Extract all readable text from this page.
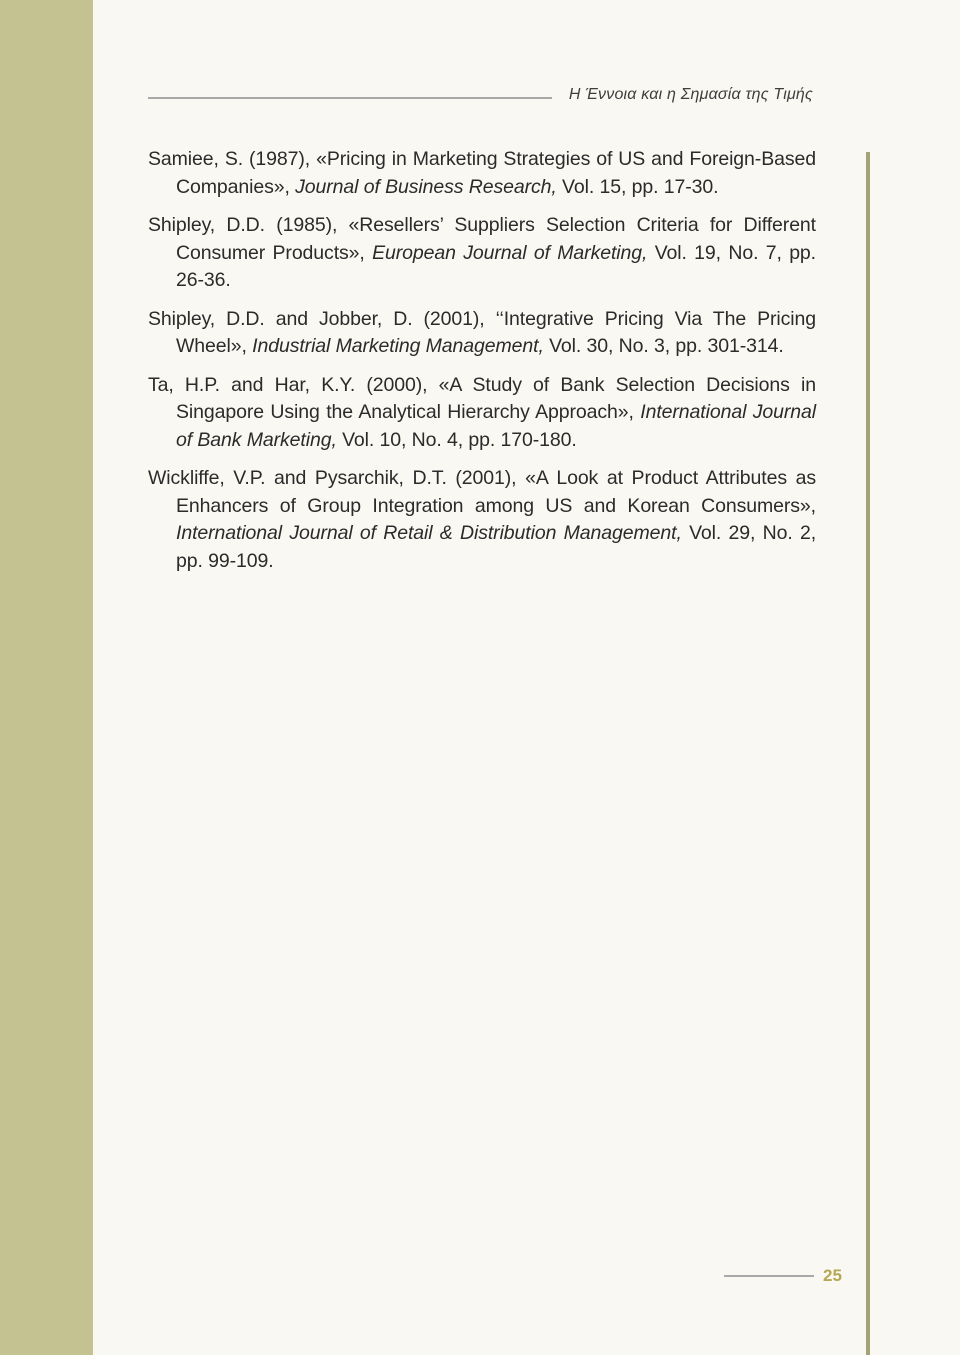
Η Έννοια και η Σημασία της Τιμής

Samiee, S. (1987), «Pricing in Marketing Strategies of US and Foreign-Based Companies», Journal of Business Research, Vol. 15, pp. 17-30.

Shipley, D.D. (1985), «Resellers’ Suppliers Selection Criteria for Different Consumer Products», European Journal of Marketing, Vol. 19, No. 7, pp. 26-36.

Shipley, D.D. and Jobber, D. (2001), ‘‘Integrative Pricing Via The Pricing Wheel», Industrial Marketing Management, Vol. 30, No. 3, pp. 301-314.

Ta, H.P. and Har, K.Y. (2000), «A Study of Bank Selection Decisions in Singapore Using the Analytical Hierarchy Approach», International Journal of Bank Marketing, Vol. 10, No. 4, pp. 170-180.

Wickliffe, V.P. and Pysarchik, D.T. (2001), «A Look at Product Attributes as Enhancers of Group Integration among US and Korean Consumers», International Journal of Retail & Distribution Management, Vol. 29, No. 2, pp. 99-109.

25
